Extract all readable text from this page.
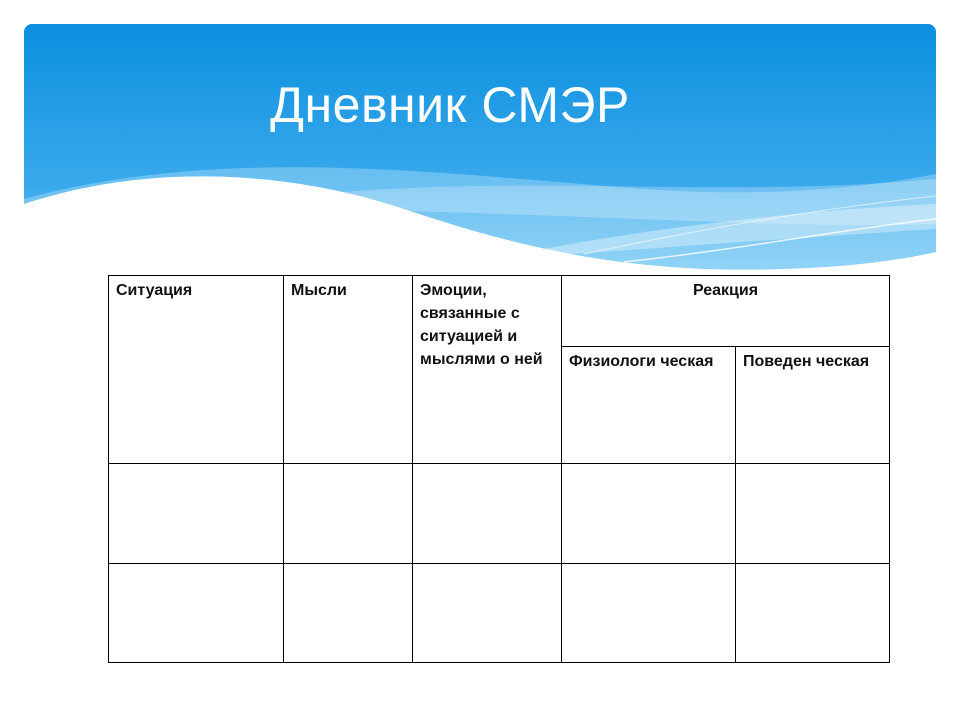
Дневник СМЭР
Ситуация	Мысли	Эмоции, связанные с ситуацией и мыслями о ней	Реакция	
			Физиологи ческая	Поведен ческая
